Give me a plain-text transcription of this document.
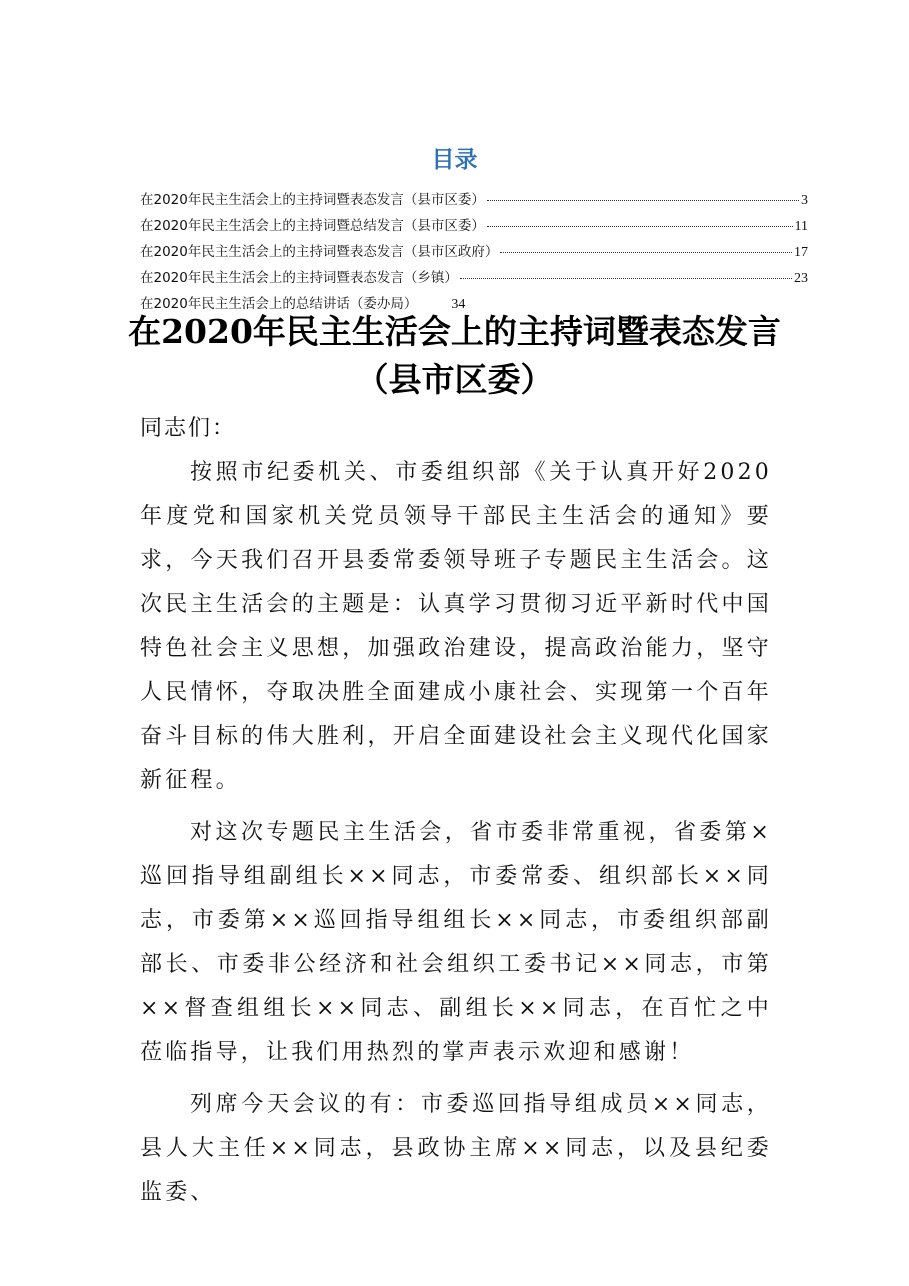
目录
在2020年民主生活会上的主持词暨表态发言（县市区委）	3
在2020年民主生活会上的主持词暨总结发言（县市区委）	11
在2020年民主生活会上的主持词暨表态发言（县市区政府）	17
在2020年民主生活会上的主持词暨表态发言（乡镇）	23
在2020年民主生活会上的总结讲话（委办局） 34
在2020年民主生活会上的主持词暨表态发言
（县市区委）

同志们：

按照市纪委机关、市委组织部《关于认真开好2020年度党和国家机关党员领导干部民主生活会的通知》要求，今天我们召开县委常委领导班子专题民主生活会。这次民主生活会的主题是：认真学习贯彻习近平新时代中国特色社会主义思想，加强政治建设，提高政治能力，坚守人民情怀，夺取决胜全面建成小康社会、实现第一个百年奋斗目标的伟大胜利，开启全面建设社会主义现代化国家新征程。

对这次专题民主生活会，省市委非常重视，省委第×巡回指导组副组长××同志，市委常委、组织部长××同志，市委第××巡回指导组组长××同志，市委组织部副部长、市委非公经济和社会组织工委书记××同志，市第××督查组组长××同志、副组长××同志，在百忙之中莅临指导，让我们用热烈的掌声表示欢迎和感谢！

列席今天会议的有：市委巡回指导组成员××同志，县人大主任××同志，县政协主席××同志，以及县纪委监委、
